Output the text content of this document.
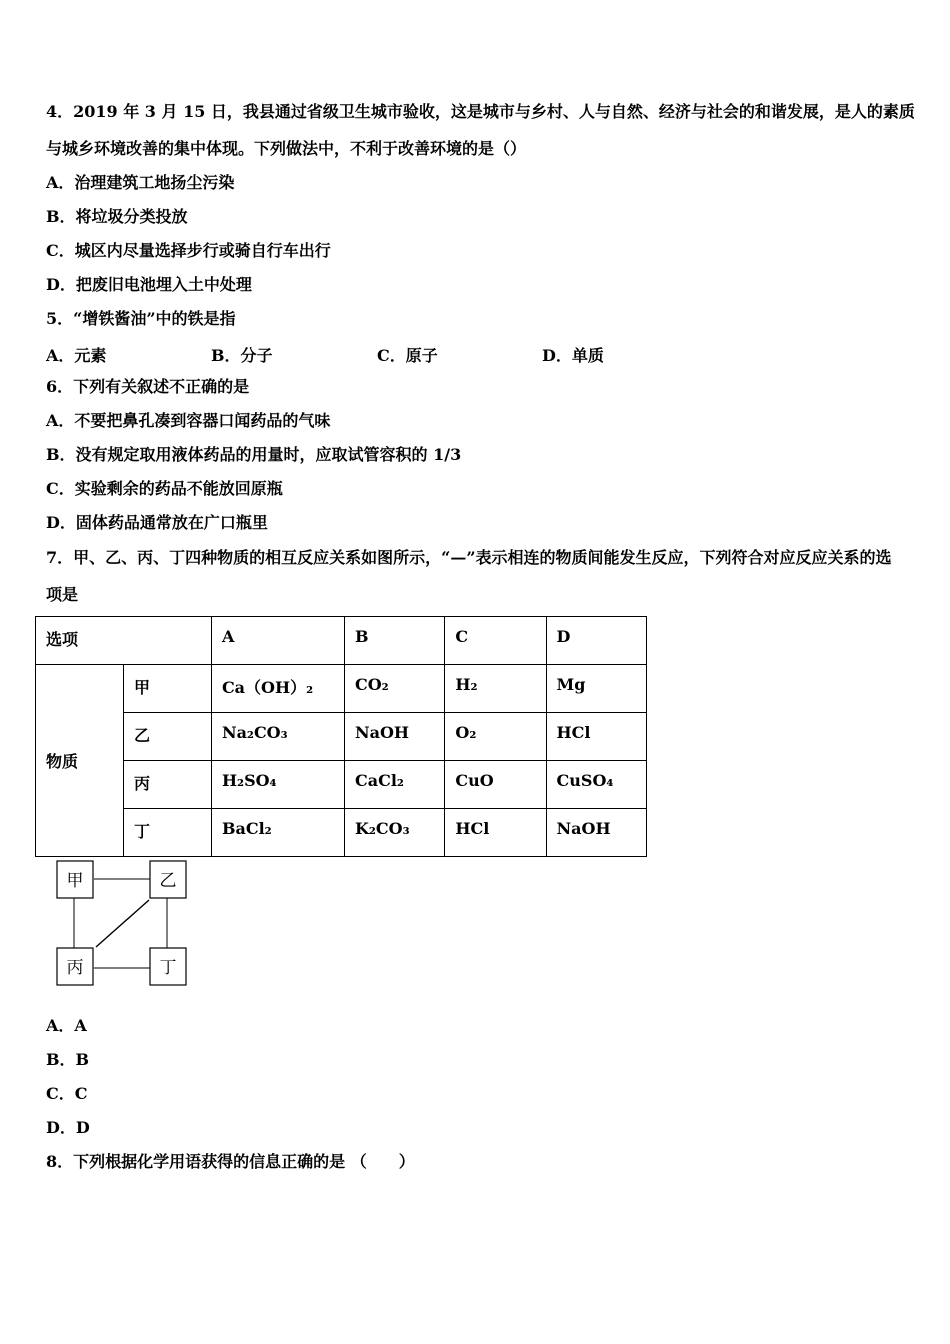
4．2019 年 3 月 15 日，我县通过省级卫生城市验收，这是城市与乡村、人与自然、经济与社会的和谐发展，是人的素质
与城乡环境改善的集中体现。下列做法中，不利于改善环境的是（）
A．治理建筑工地扬尘污染
B．将垃圾分类投放
C．城区内尽量选择步行或骑自行车出行
D．把废旧电池埋入土中处理
5．“增铁酱油”中的铁是指
A．元素	B．分子	C．原子	D．单质
6．下列有关叙述不正确的是
A．不要把鼻孔凑到容器口闻药品的气味
B．没有规定取用液体药品的用量时，应取试管容积的 1/3
C．实验剩余的药品不能放回原瓶
D．固体药品通常放在广口瓶里
7．甲、乙、丙、丁四种物质的相互反应关系如图所示，“—”表示相连的物质间能发生反应，下列符合对应反应关系的选
项是
选项		A	B	C	D
物质	甲	Ca（OH）₂	CO₂	H₂	Mg
	乙	Na₂CO₃	NaOH	O₂	HCl
	丙	H₂SO₄	CaCl₂	CuO	CuSO₄
	丁	BaCl₂	K₂CO₃	HCl	NaOH
甲	乙
丙	丁
A．A
B．B
C．C
D．D
8．下列根据化学用语获得的信息正确的是 （　　）
